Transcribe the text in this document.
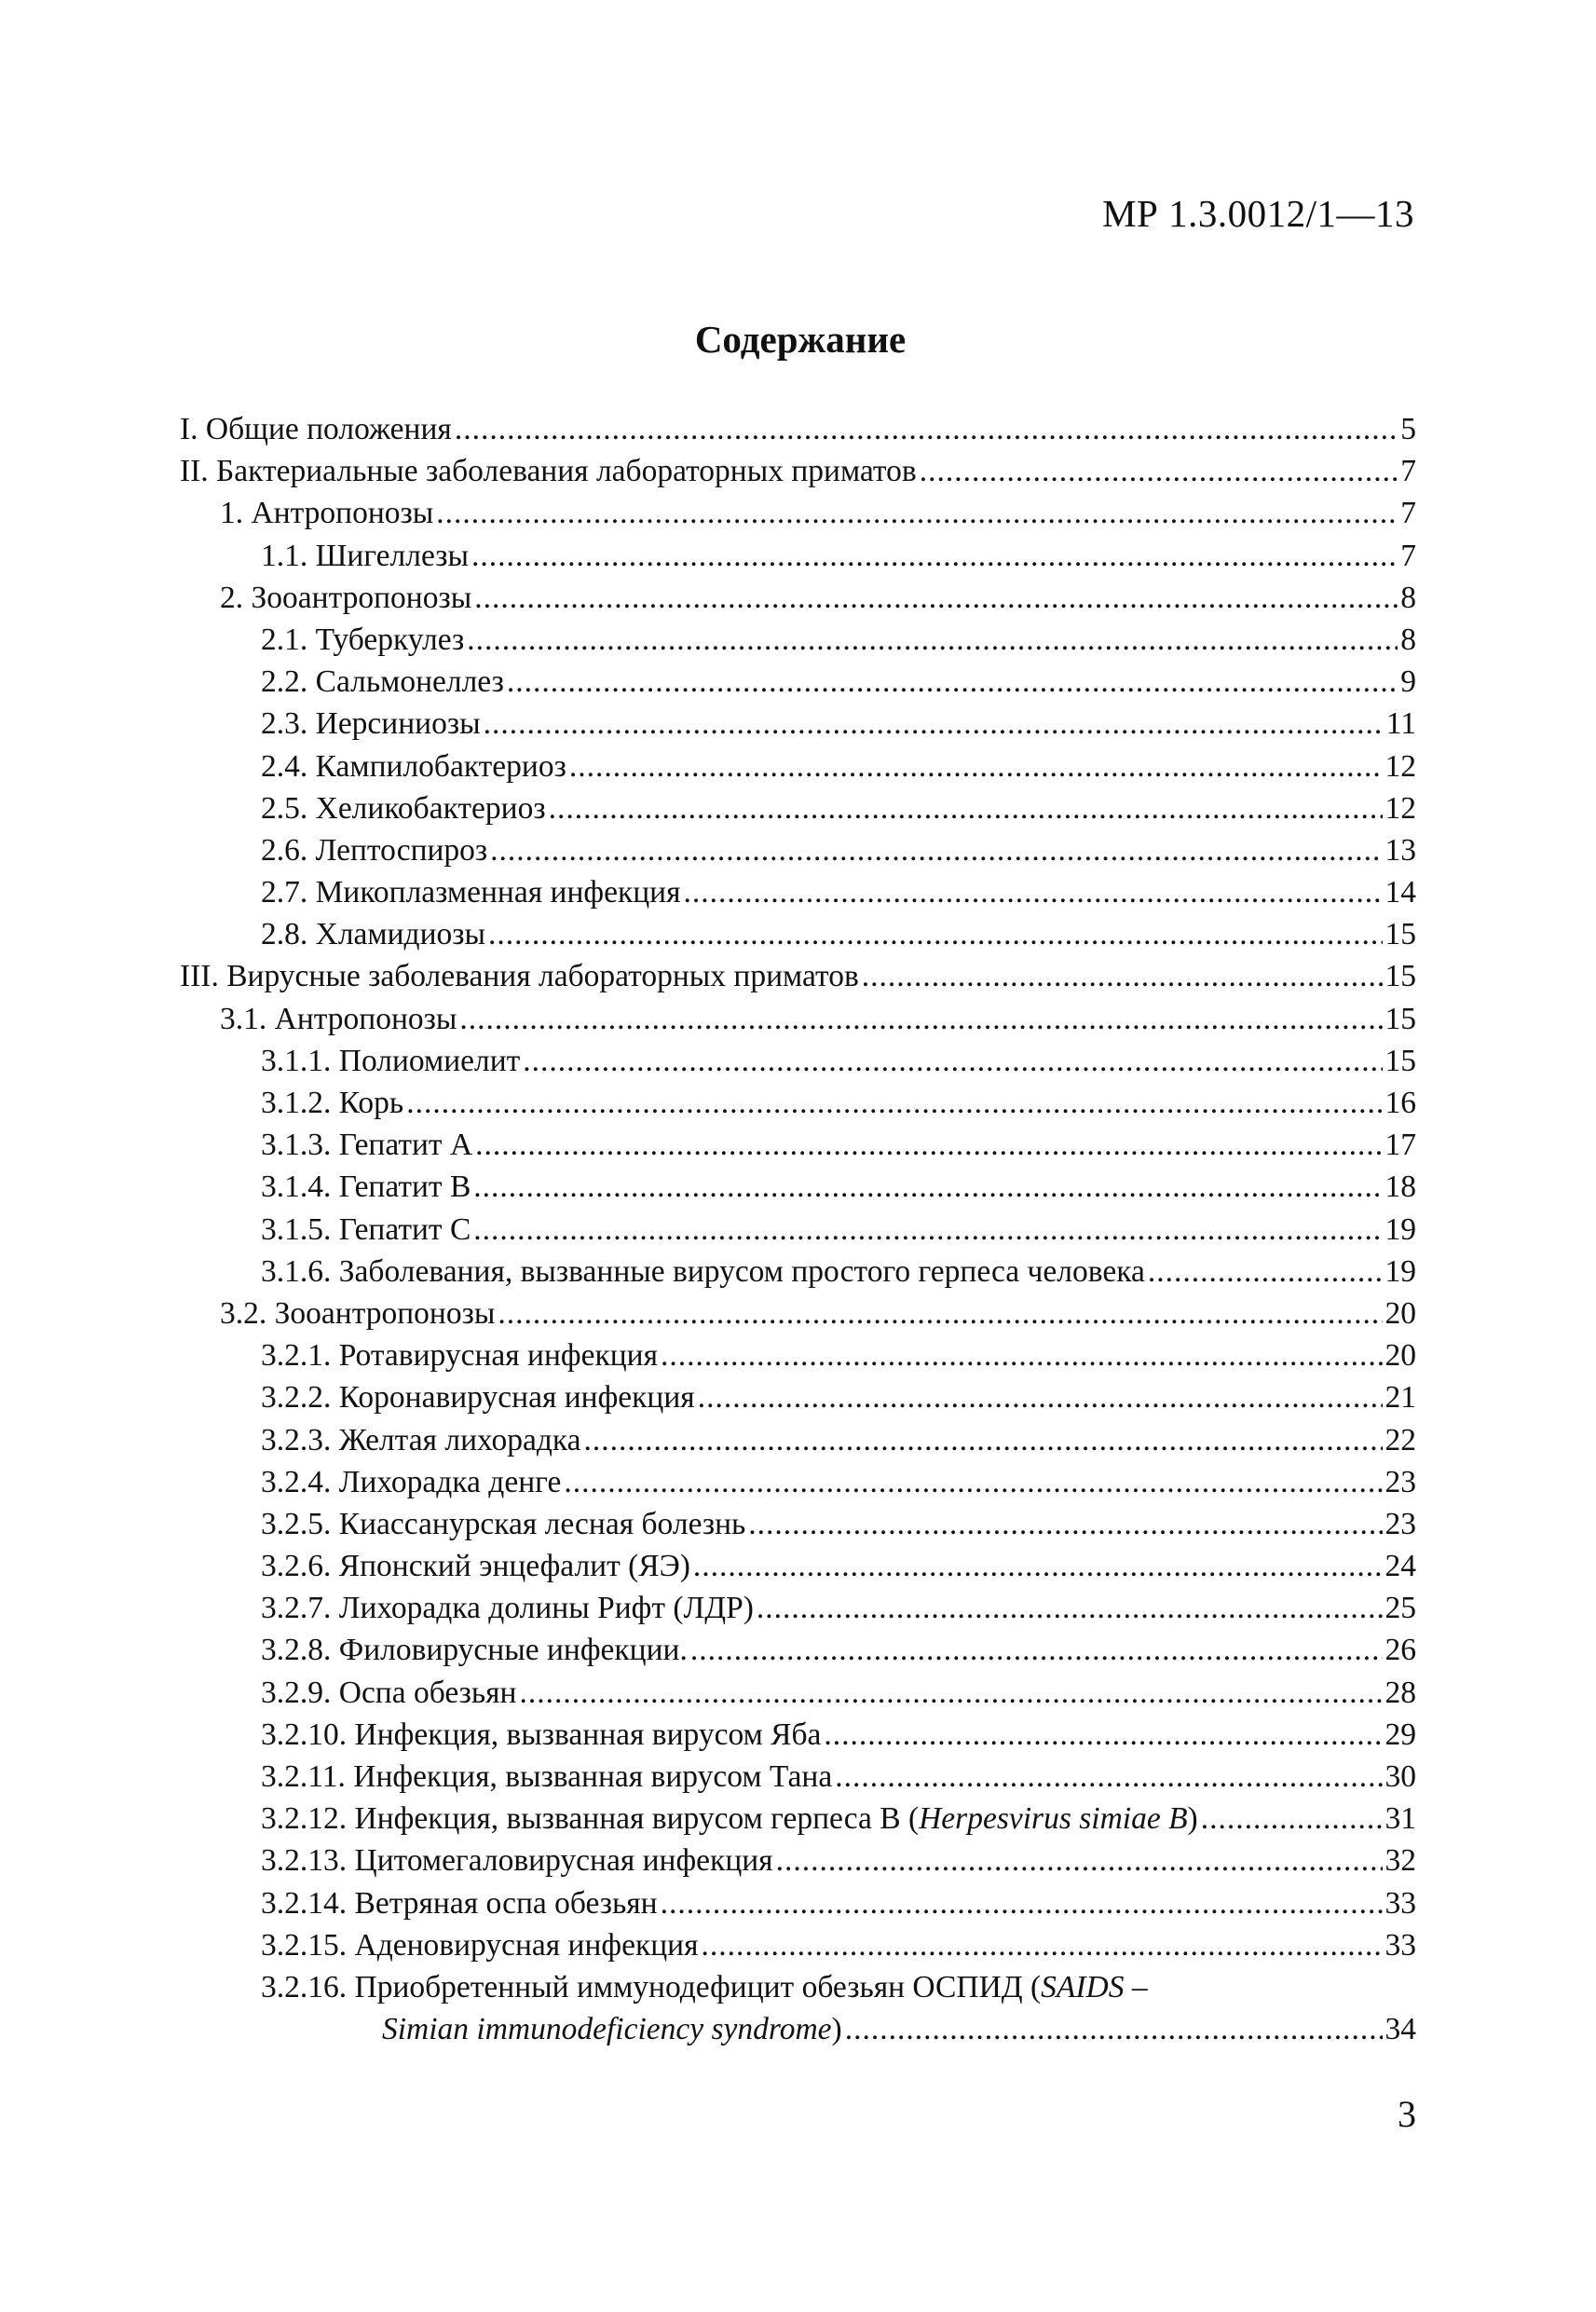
МР 1.3.0012/1—13
Содержание
I. Общие положения .....	5
II. Бактериальные заболевания лабораторных приматов .....	7
1. Антропонозы .....	7
1.1. Шигеллезы .....	7
2. Зооантропонозы .....	8
2.1. Туберкулез .....	8
2.2. Сальмонеллез .....	9
2.3. Иерсиниозы .....	11
2.4. Кампилобактериоз .....	12
2.5. Хеликобактериоз .....	12
2.6. Лептоспироз .....	13
2.7. Микоплазменная инфекция .....	14
2.8. Хламидиозы .....	15
III. Вирусные заболевания лабораторных приматов .....	15
3.1. Антропонозы .....	15
3.1.1. Полиомиелит .....	15
3.1.2. Корь .....	16
3.1.3. Гепатит А .....	17
3.1.4. Гепатит В .....	18
3.1.5. Гепатит С .....	19
3.1.6. Заболевания, вызванные вирусом простого герпеса человека .....	19
3.2. Зооантропонозы .....	20
3.2.1. Ротавирусная инфекция .....	20
3.2.2. Коронавирусная инфекция .....	21
3.2.3. Желтая лихорадка .....	22
3.2.4. Лихорадка денге .....	23
3.2.5. Киассанурская лесная болезнь .....	23
3.2.6. Японский энцефалит (ЯЭ) .....	24
3.2.7. Лихорадка долины Рифт (ЛДР) .....	25
3.2.8. Филовирусные инфекции. .....	26
3.2.9. Оспа обезьян .....	28
3.2.10. Инфекция, вызванная вирусом Яба .....	29
3.2.11. Инфекция, вызванная вирусом Тана .....	30
3.2.12. Инфекция, вызванная вирусом герпеса В (Herpesvirus simiae B) .....	31
3.2.13. Цитомегаловирусная инфекция .....	32
3.2.14. Ветряная оспа обезьян .....	33
3.2.15. Аденовирусная инфекция .....	33
3.2.16. Приобретенный иммунодефицит обезьян ОСПИД (SAIDS –
Simian immunodeficiency syndrome) .....	34
3
